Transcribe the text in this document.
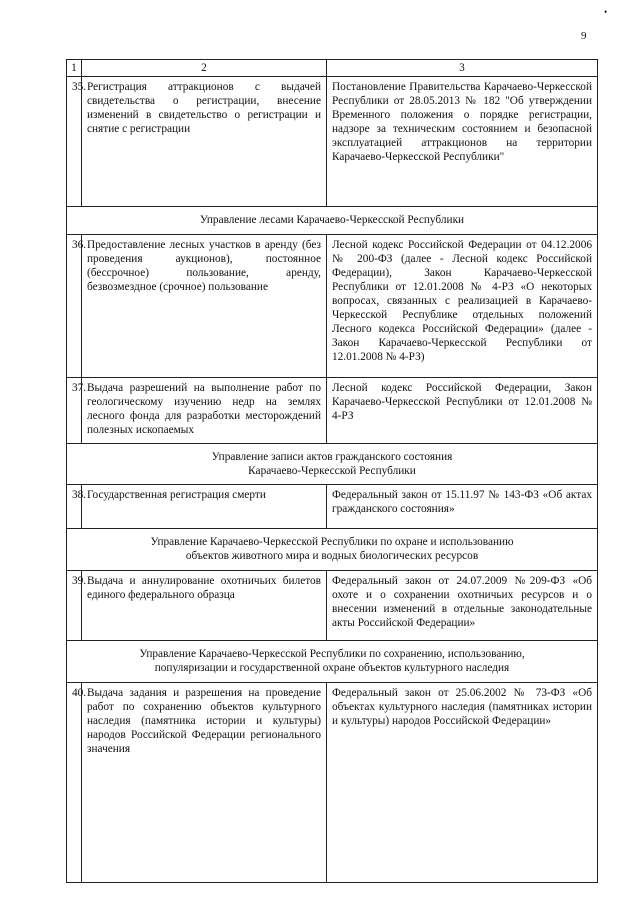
•
9
1	2	3
35.	Регистрация аттракционов с выдачей свидетельства о регистрации, внесение изменений в свидетельство о регистрации и снятие с регистрации	Постановление Правительства Карачаево-Черкесской Республики от 28.05.2013 № 182 "Об утверждении Временного положения о порядке регистрации, надзоре за техническим состоянием и безопасной эксплуатацией аттракционов на территории Карачаево-Черкесской Республики"
Управление лесами Карачаево-Черкесской Республики		
36.	Предоставление лесных участков в аренду (без проведения аукционов), постоянное (бессрочное) пользование, аренду, безвозмездное (срочное) пользование	Лесной кодекс Российской Федерации от 04.12.2006 № 200-ФЗ (далее - Лесной кодекс Российской Федерации), Закон Карачаево-Черкесской Республики от 12.01.2008 № 4-РЗ «О некоторых вопросах, связанных с реализацией в Карачаево-Черкесской Республике отдельных положений Лесного кодекса Российской Федерации» (далее - Закон Карачаево-Черкесской Республики от 12.01.2008 № 4-РЗ)
37.	Выдача разрешений на выполнение работ по геологическому изучению недр на землях лесного фонда для разработки месторождений полезных ископаемых	Лесной кодекс Российской Федерации, Закон Карачаево-Черкесской Республики от 12.01.2008 № 4-РЗ

Управление записи актов гражданского состояния
Карачаево-Черкесской Республики		

38.	Государственная регистрация смерти	Федеральный закон от 15.11.97 № 143-ФЗ «Об актах гражданского состояния»

Управление Карачаево-Черкесской Республики по охране и использованию
объектов животного мира и водных биологических ресурсов		

39.	Выдача и аннулирование охотничьих билетов единого федерального образца	Федеральный закон от 24.07.2009 №209-ФЗ «Об охоте и о сохранении охотничьих ресурсов и о внесении изменений в отдельные законодательные акты Российской Федерации»

Управление Карачаево-Черкесской Республики по сохранению, использованию,
популяризации и государственной охране объектов культурного наследия		

40.	Выдача задания и разрешения на проведение работ по сохранению объектов культурного наследия (памятника истории и культуры) народов Российской Федерации регионального значения	Федеральный закон от 25.06.2002 № 73-ФЗ «Об объектах культурного наследия (памятниках истории и культуры) народов Российской Федерации»
